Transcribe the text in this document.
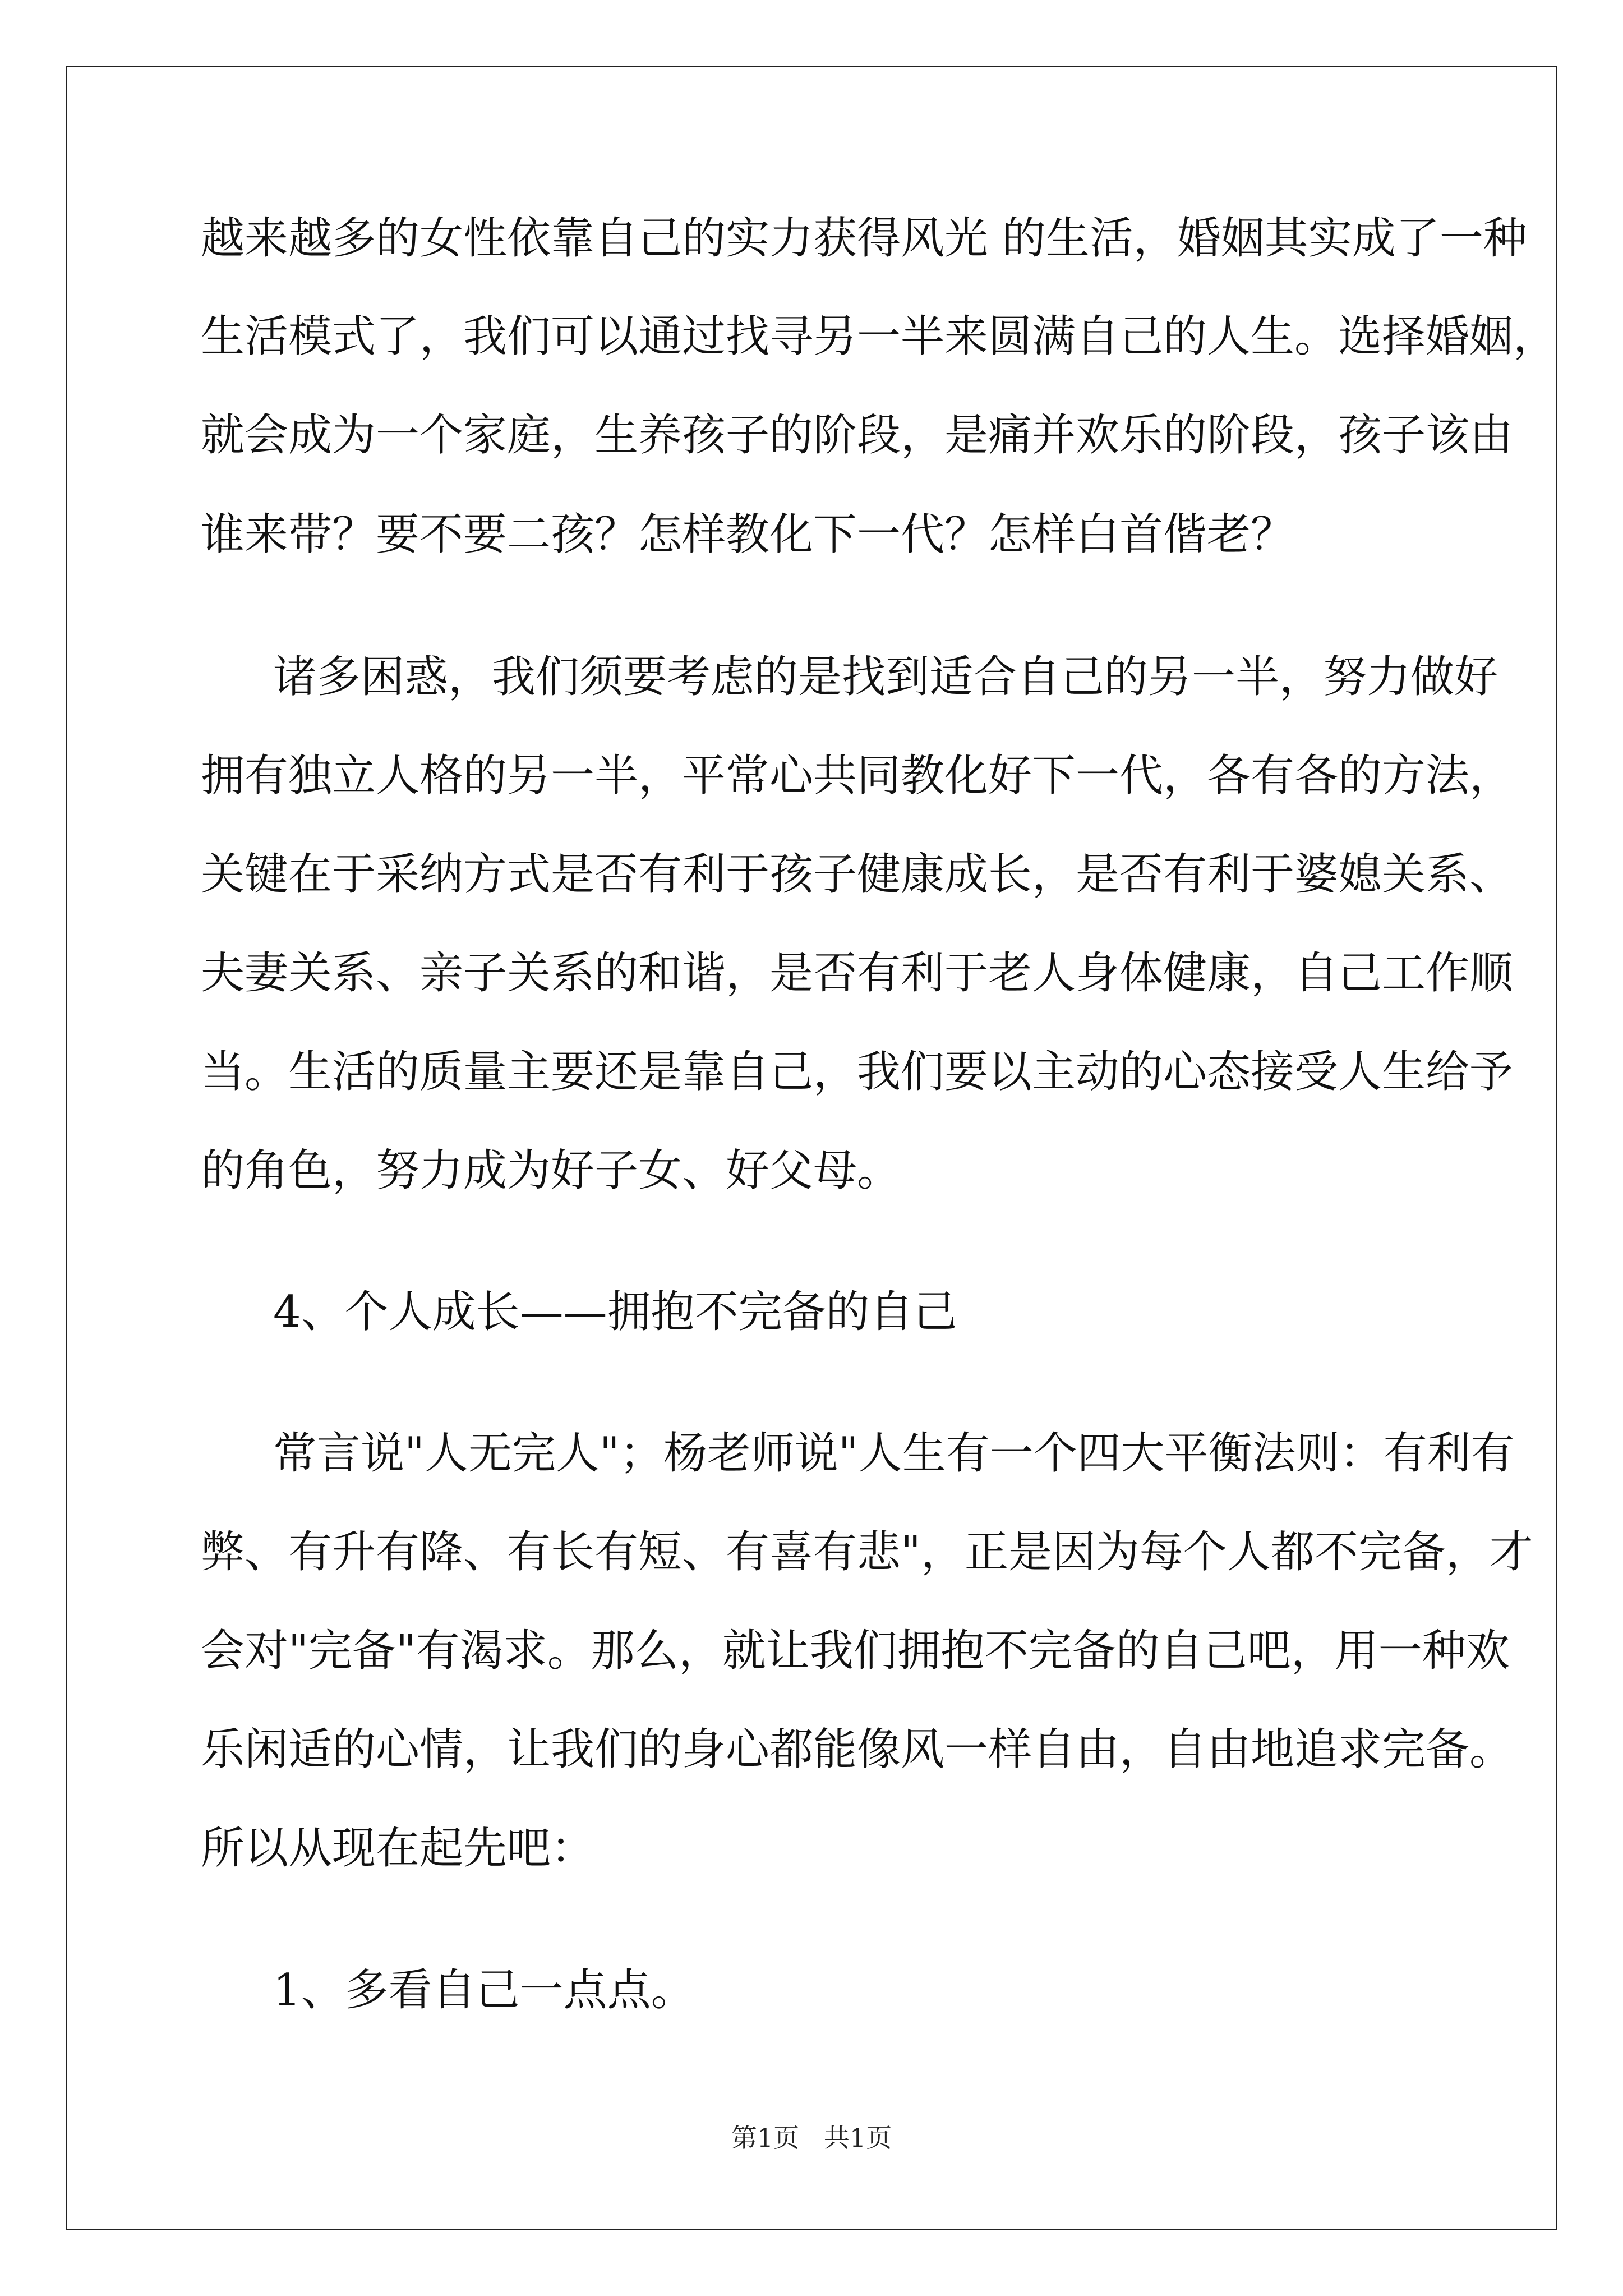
越来越多的女性依靠自己的实力获得风光 的生活，婚姻其实成了一种
生活模式了，我们可以通过找寻另一半来圆满自己的人生。选择婚姻，
就会成为一个家庭，生养孩子的阶段，是痛并欢乐的阶段，孩子该由
谁来带？要不要二孩？怎样教化下一代？怎样白首偕老？
诸多困惑，我们须要考虑的是找到适合自己的另一半，努力做好
拥有独立人格的另一半，平常心共同教化好下一代，各有各的方法，
关键在于采纳方式是否有利于孩子健康成长，是否有利于婆媳关系、
夫妻关系、亲子关系的和谐，是否有利于老人身体健康，自己工作顺
当。生活的质量主要还是靠自己，我们要以主动的心态接受人生给予
的角色，努力成为好子女、好父母。
4、个人成长——拥抱不完备的自己
常言说"人无完人"；杨老师说"人生有一个四大平衡法则：有利有
弊、有升有降、有长有短、有喜有悲"，正是因为每个人都不完备，才
会对"完备"有渴求。那么，就让我们拥抱不完备的自己吧，用一种欢
乐闲适的心情，让我们的身心都能像风一样自由，自由地追求完备。
所以从现在起先吧：
1、多看自己一点点。
第1页   共1页
